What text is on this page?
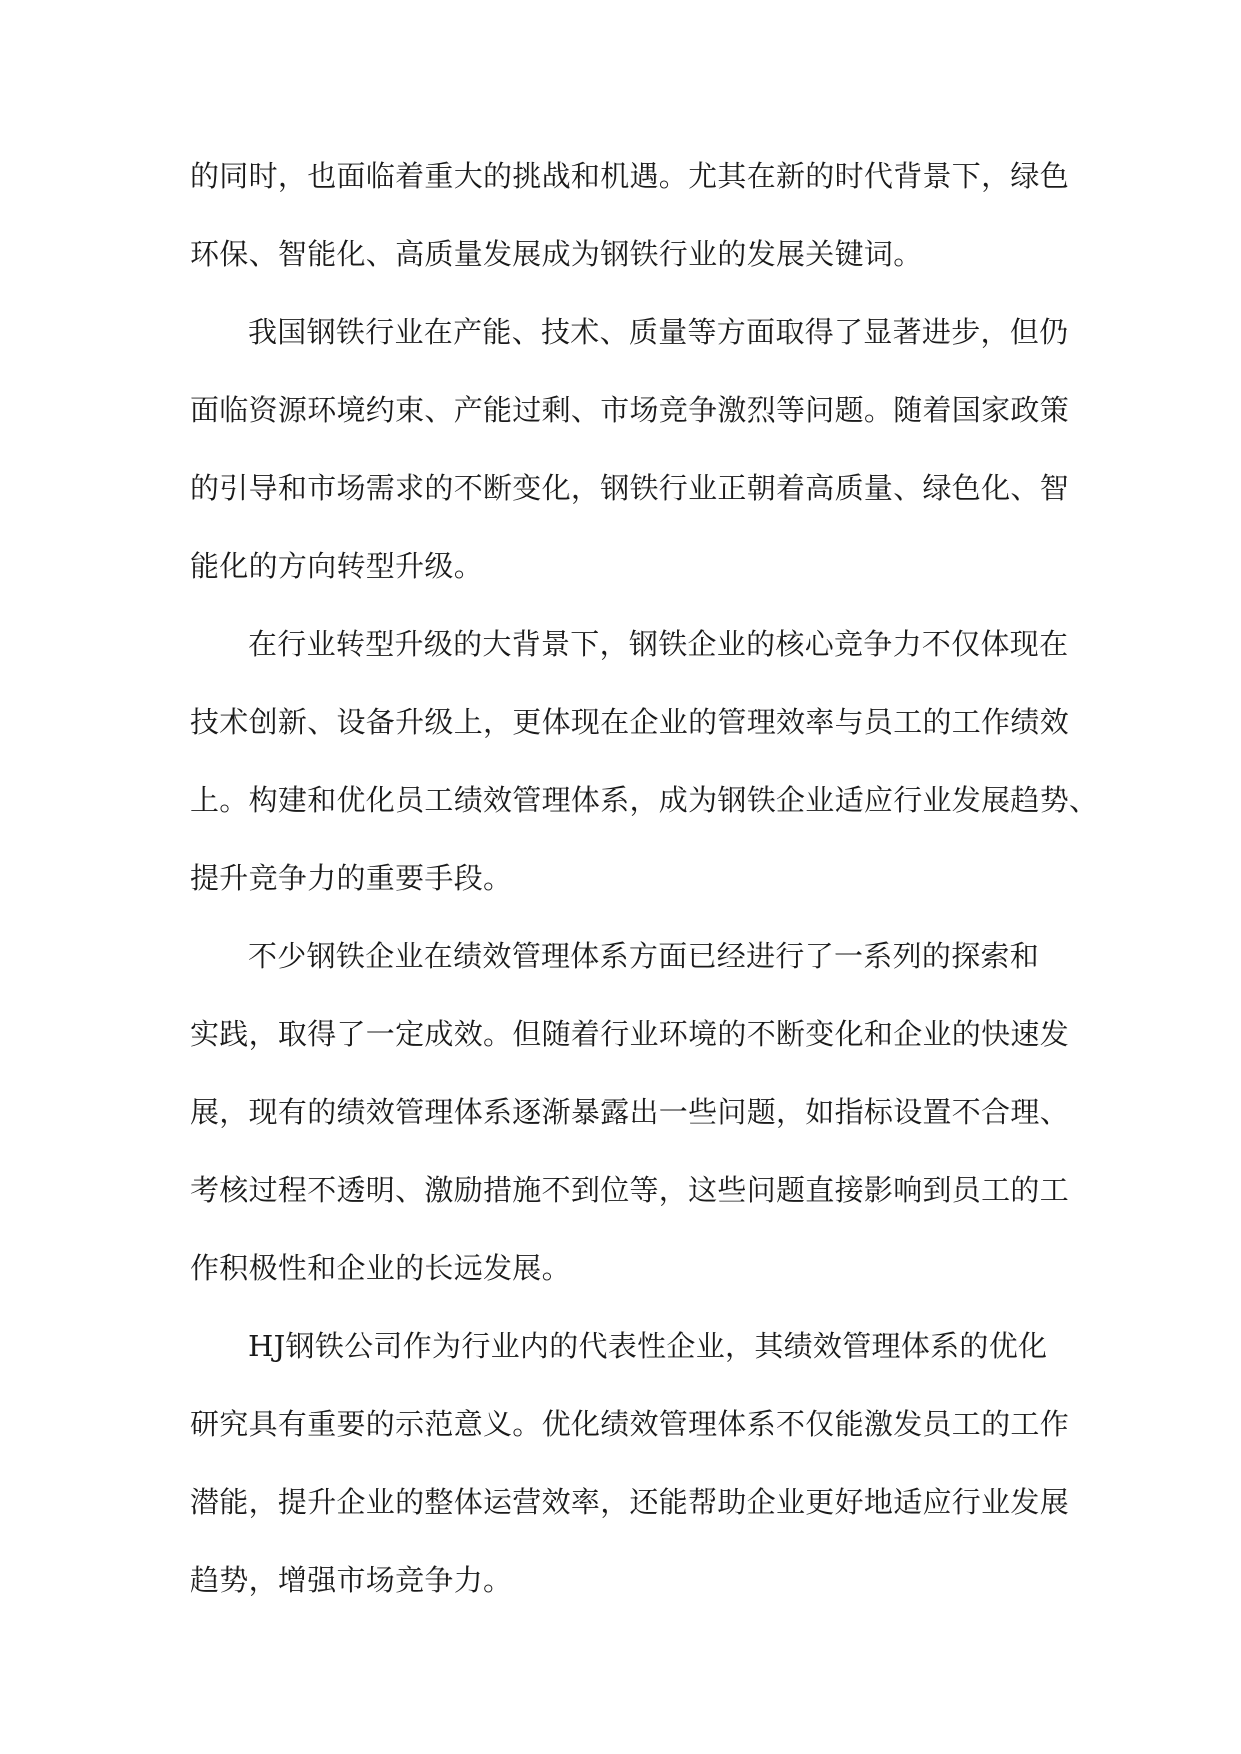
的同时，也面临着重大的挑战和机遇。尤其在新的时代背景下，绿色
环保、智能化、高质量发展成为钢铁行业的发展关键词。
我国钢铁行业在产能、技术、质量等方面取得了显著进步，但仍
面临资源环境约束、产能过剩、市场竞争激烈等问题。随着国家政策
的引导和市场需求的不断变化，钢铁行业正朝着高质量、绿色化、智
能化的方向转型升级。
在行业转型升级的大背景下，钢铁企业的核心竞争力不仅体现在
技术创新、设备升级上，更体现在企业的管理效率与员工的工作绩效
上。构建和优化员工绩效管理体系，成为钢铁企业适应行业发展趋势、
提升竞争力的重要手段。
不少钢铁企业在绩效管理体系方面已经进行了一系列的探索和
实践，取得了一定成效。但随着行业环境的不断变化和企业的快速发
展，现有的绩效管理体系逐渐暴露出一些问题，如指标设置不合理、
考核过程不透明、激励措施不到位等，这些问题直接影响到员工的工
作积极性和企业的长远发展。
HJ钢铁公司作为行业内的代表性企业，其绩效管理体系的优化
研究具有重要的示范意义。优化绩效管理体系不仅能激发员工的工作
潜能，提升企业的整体运营效率，还能帮助企业更好地适应行业发展
趋势，增强市场竞争力。
